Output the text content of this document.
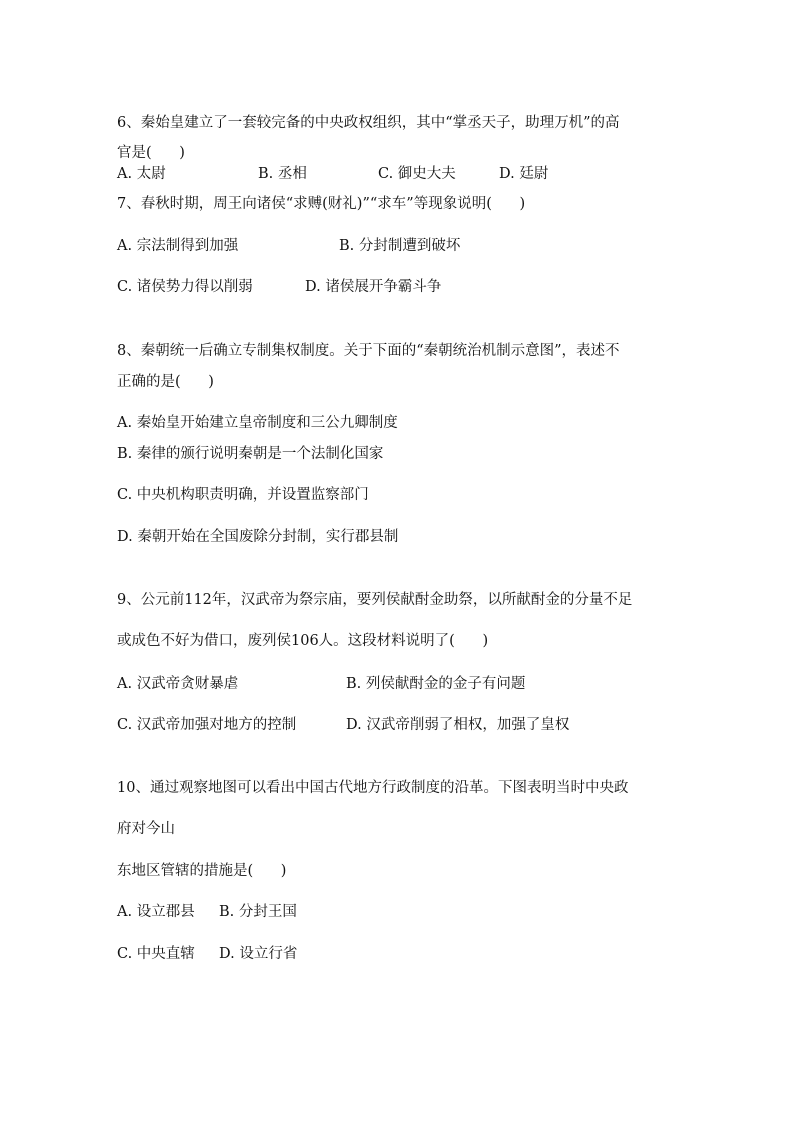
6、秦始皇建立了一套较完备的中央政权组织，其中“掌丞天子，助理万机”的高
官是(      )

A. 太尉

	B. 丞相

	C. 御史大夫

	D. 廷尉

7、春秋时期，周王向诸侯“求赙(财礼)”“求车”等现象说明(      )

A. 宗法制得到加强

	B. 分封制遭到破坏

C. 诸侯势力得以削弱

	D. 诸侯展开争霸斗争

8、秦朝统一后确立专制集权制度。关于下面的“秦朝统治机制示意图”，表述不
正确的是(      )
A. 秦始皇开始建立皇帝制度和三公九卿制度
B. 秦律的颁行说明秦朝是一个法制化国家
C. 中央机构职责明确，并设置监察部门
D. 秦朝开始在全国废除分封制，实行郡县制
9、公元前112年，汉武帝为祭宗庙，要列侯献酎金助祭，以所献酎金的分量不足
或成色不好为借口，废列侯106人。这段材料说明了(      )

A. 汉武帝贪财暴虐

	B. 列侯献酎金的金子有问题

C. 汉武帝加强对地方的控制

	D. 汉武帝削弱了相权，加强了皇权

10、通过观察地图可以看出中国古代地方行政制度的沿革。下图表明当时中央政
府对今山
东地区管辖的措施是(      )

A. 设立郡县

B. 分封王国

C. 中央直辖

D. 设立行省
